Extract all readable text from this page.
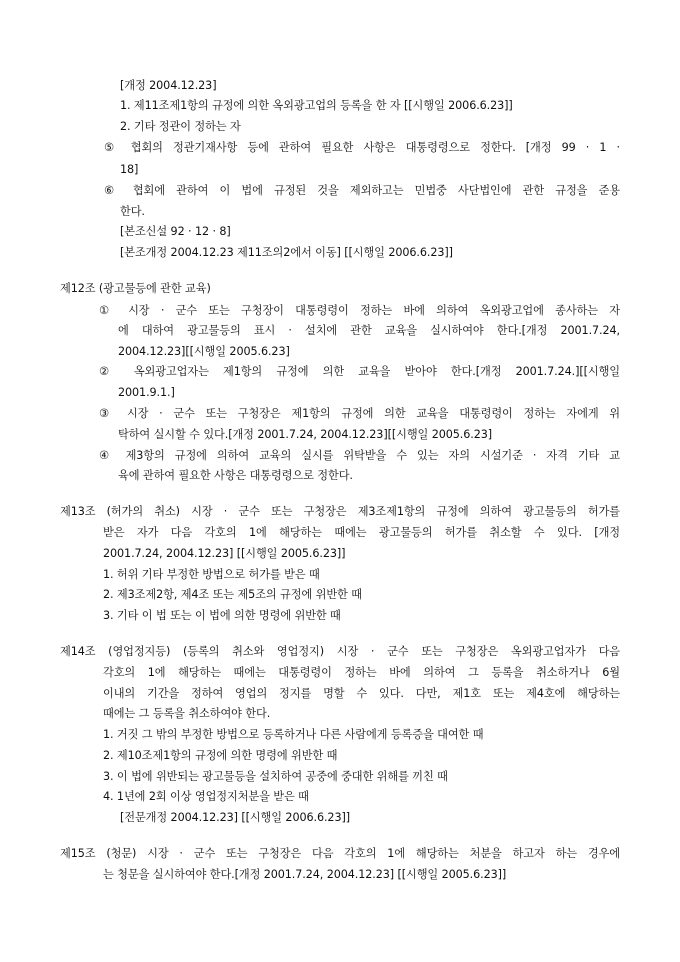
[개정 2004.12.23]
1. 제11조제1항의 규정에 의한 옥외광고업의 등록을 한 자 [[시행일 2006.6.23]]
2. 기타 정관이 정하는 자
⑤ 협회의 정관기재사항 등에 관하여 필요한 사항은 대통령령으로 정한다. [개정 99 · 1 ·
18]
⑥ 협회에 관하여 이 법에 규정된 것을 제외하고는 민법중 사단법인에 관한 규정을 준용
한다.
[본조신설 92 · 12 · 8]
[본조개정 2004.12.23 제11조의2에서 이동] [[시행일 2006.6.23]]
제12조 (광고물등에 관한 교육)
① 시장 · 군수 또는 구청장이 대통령령이 정하는 바에 의하여 옥외광고업에 종사하는 자
에 대하여 광고물등의 표시 · 설치에 관한 교육을 실시하여야 한다.[개정 2001.7.24,
2004.12.23][[시행일 2005.6.23]
② 옥외광고업자는 제1항의 규정에 의한 교육을 받아야 한다.[개정 2001.7.24.][[시행일
2001.9.1.]
③ 시장 · 군수 또는 구청장은 제1항의 규정에 의한 교육을 대통령령이 정하는 자에게 위
탁하여 실시할 수 있다.[개정 2001.7.24, 2004.12.23][[시행일 2005.6.23]
④ 제3항의 규정에 의하여 교육의 실시를 위탁받을 수 있는 자의 시설기준 · 자격 기타 교
육에 관하여 필요한 사항은 대통령령으로 정한다.
제13조 (허가의 취소) 시장 · 군수 또는 구청장은 제3조제1항의 규정에 의하여 광고물등의 허가를
받은 자가 다음 각호의 1에 해당하는 때에는 광고물등의 허가를 취소할 수 있다. [개정
2001.7.24, 2004.12.23] [[시행일 2005.6.23]]
1. 허위 기타 부정한 방법으로 허가를 받은 때
2. 제3조제2항, 제4조 또는 제5조의 규정에 위반한 때
3. 기타 이 법 또는 이 법에 의한 명령에 위반한 때
제14조 (영업정지등) (등록의 취소와 영업정지) 시장 · 군수 또는 구청장은 옥외광고업자가 다음
각호의 1에 해당하는 때에는 대통령령이 정하는 바에 의하여 그 등록을 취소하거나 6월
이내의 기간을 정하여 영업의 정지를 명할 수 있다. 다만, 제1호 또는 제4호에 해당하는
때에는 그 등록을 취소하여야 한다.
1. 거짓 그 밖의 부정한 방법으로 등록하거나 다른 사람에게 등록증을 대여한 때
2. 제10조제1항의 규정에 의한 명령에 위반한 때
3. 이 법에 위반되는 광고물등을 설치하여 공중에 중대한 위해를 끼친 때
4. 1년에 2회 이상 영업정지처분을 받은 때
[전문개정 2004.12.23] [[시행일 2006.6.23]]
제15조 (청문) 시장 · 군수 또는 구청장은 다음 각호의 1에 해당하는 처분을 하고자 하는 경우에
는 청문을 실시하여야 한다.[개정 2001.7.24, 2004.12.23] [[시행일 2005.6.23]]
